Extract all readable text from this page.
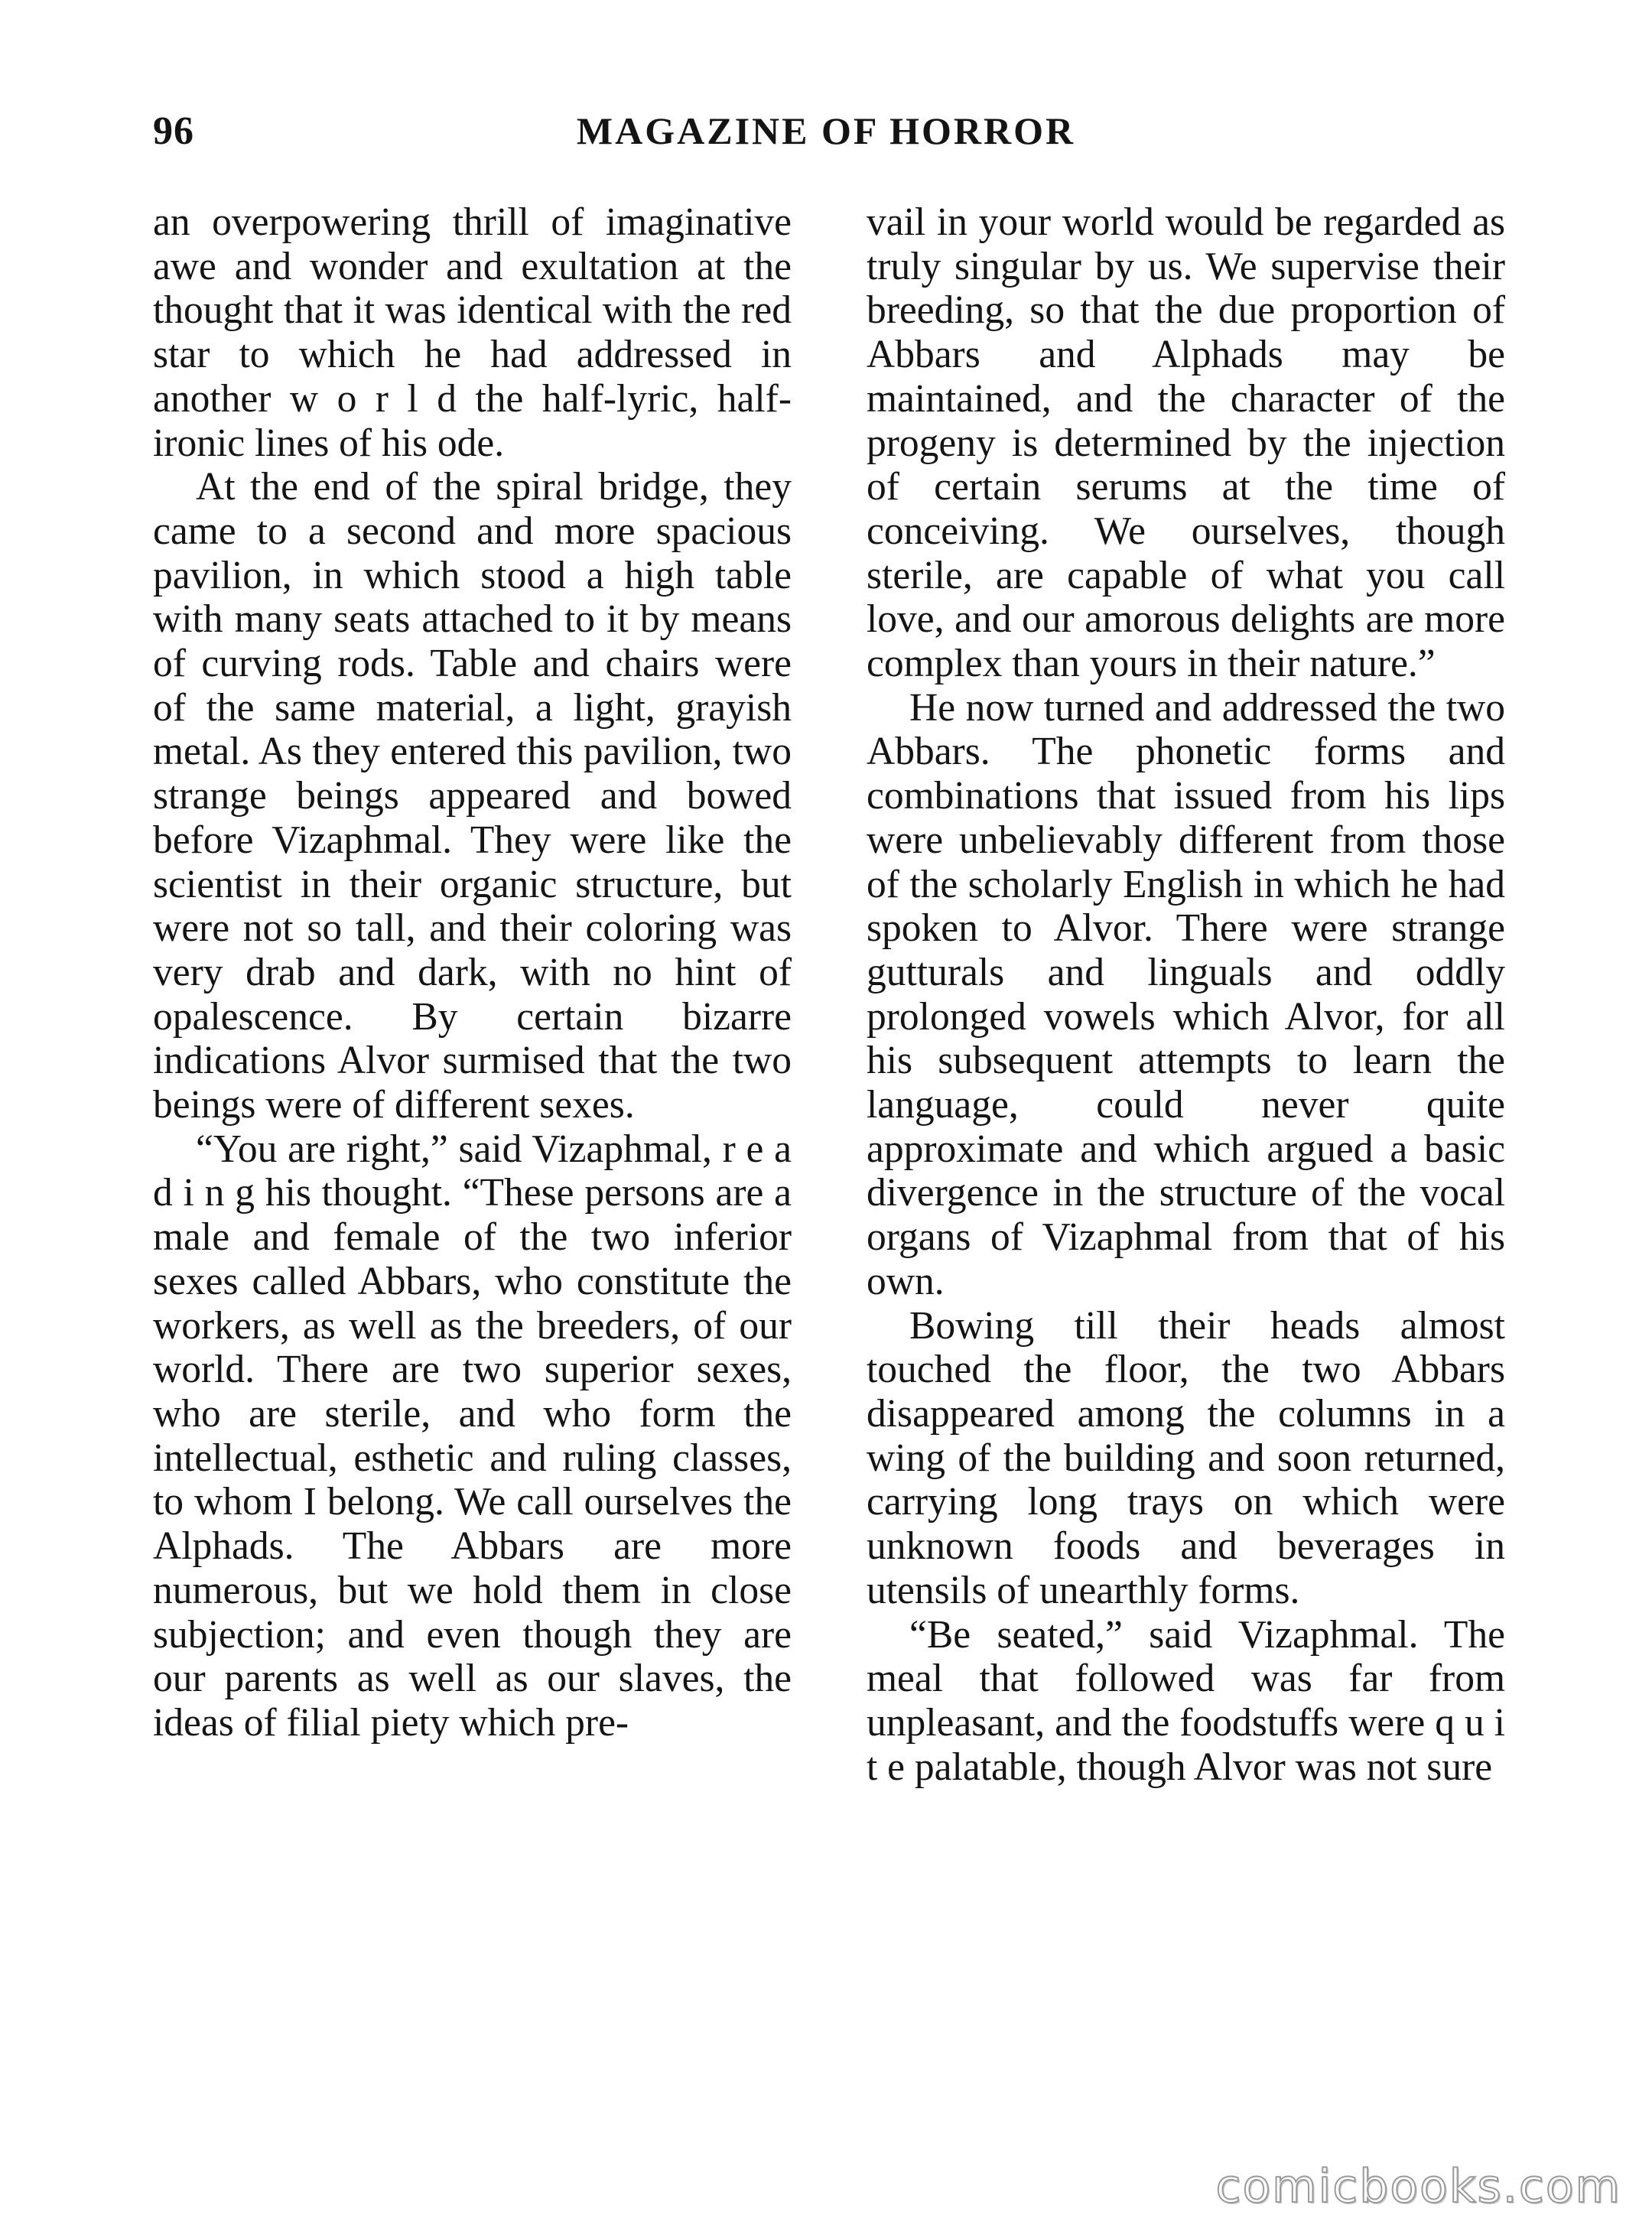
96	MAGAZINE OF HORROR

an overpowering thrill of imaginative awe and wonder and exultation at the thought that it was identical with the red star to which he had addressed in another w o r l d the half-lyric, half-ironic lines of his ode.

At the end of the spiral bridge, they came to a second and more spacious pavilion, in which stood a high table with many seats attached to it by means of curving rods. Table and chairs were of the same material, a light, grayish metal. As they entered this pavilion, two strange beings appeared and bowed before Vizaphmal. They were like the scientist in their organic structure, but were not so tall, and their coloring was very drab and dark, with no hint of opalescence. By certain bizarre indications Alvor surmised that the two beings were of different sexes.

“You are right,” said Vizaphmal, r e a d i n g his thought. “These persons are a male and female of the two inferior sexes called Abbars, who constitute the workers, as well as the breeders, of our world. There are two superior sexes, who are sterile, and who form the intellectual, esthetic and ruling classes, to whom I belong. We call ourselves the Alphads. The Abbars are more numerous, but we hold them in close subjection; and even though they are our parents as well as our slaves, the ideas of filial piety which pre-

vail in your world would be regarded as truly singular by us. We supervise their breeding, so that the due proportion of Abbars and Alphads may be maintained, and the character of the progeny is determined by the injection of certain serums at the time of conceiving. We ourselves, though sterile, are capable of what you call love, and our amorous delights are more complex than yours in their nature.”

He now turned and addressed the two Abbars. The phonetic forms and combinations that issued from his lips were unbelievably different from those of the scholarly English in which he had spoken to Alvor. There were strange gutturals and linguals and oddly prolonged vowels which Alvor, for all his subsequent attempts to learn the language, could never quite approximate and which argued a basic divergence in the structure of the vocal organs of Vizaphmal from that of his own.

Bowing till their heads almost touched the floor, the two Abbars disappeared among the columns in a wing of the building and soon returned, carrying long trays on which were unknown foods and beverages in utensils of unearthly forms.

“Be seated,” said Vizaphmal. The meal that followed was far from unpleasant, and the foodstuffs were q u i t e palatable, though Alvor was not sure

comicbooks.com
